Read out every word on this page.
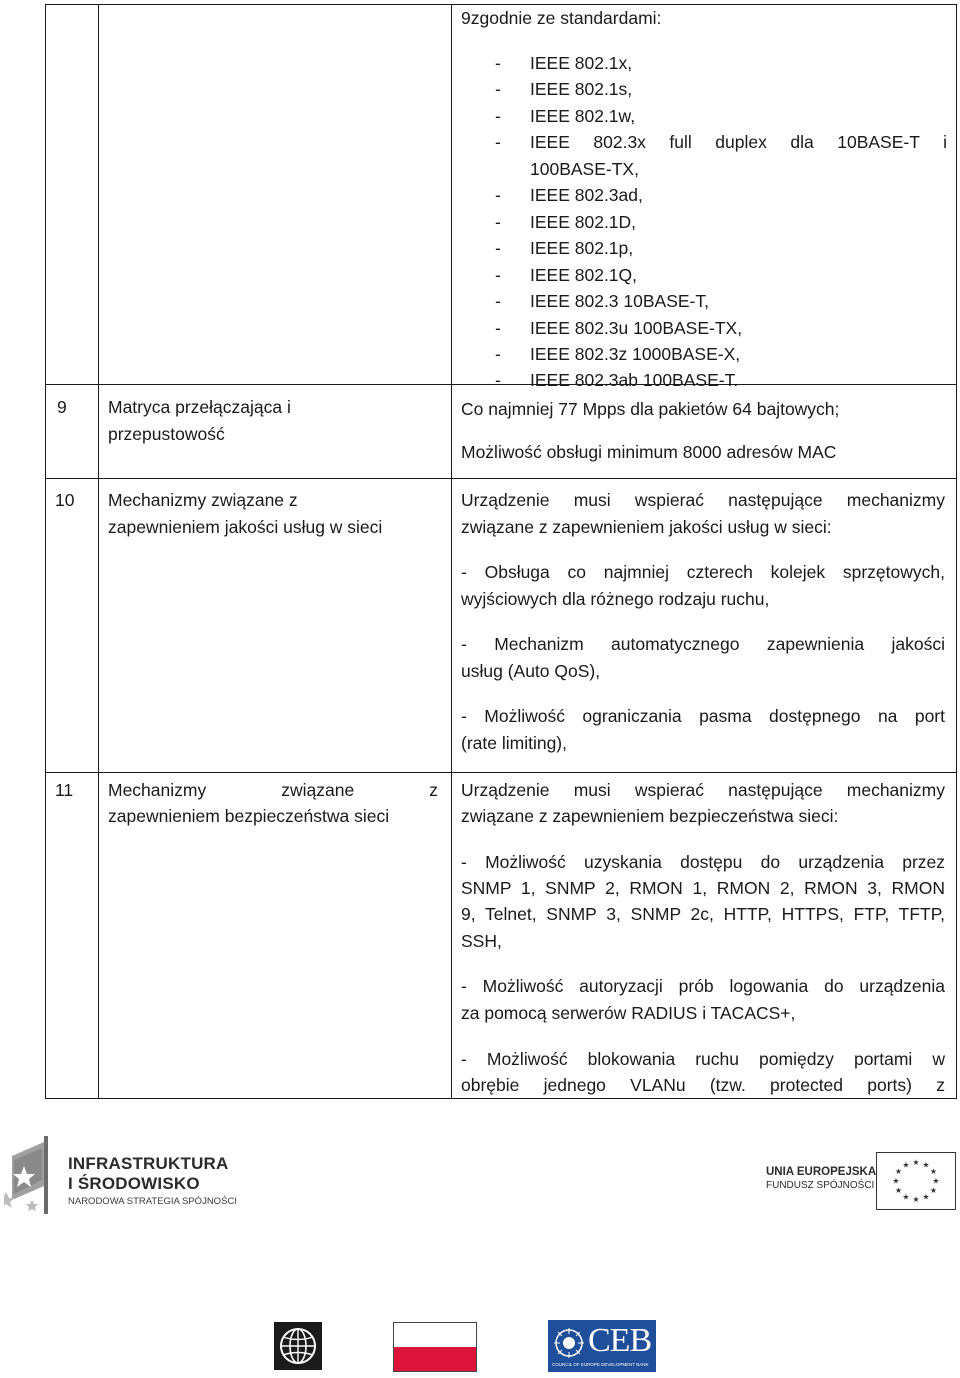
9zgodnie ze standardami:
- IEEE 802.1x,
- IEEE 802.1s,
- IEEE 802.1w,
- IEEE  802.3x  full  duplex  dla  10BASE-T  i
100BASE-TX,
- IEEE 802.3ad,
- IEEE 802.1D,
- IEEE 802.1p,
- IEEE 802.1Q,
- IEEE 802.3 10BASE-T,
- IEEE 802.3u 100BASE-TX,
- IEEE 802.3z 1000BASE-X,
- IEEE 802.3ab 100BASE-T.
9 Matryca przełączająca i
przepustowość
Co najmniej 77 Mpps dla pakietów 64 bajtowych;
Możliwość obsługi minimum 8000 adresów MAC
10 Mechanizmy związane z
zapewnieniem jakości usług w sieci
Urządzenie musi wspierać następujące mechanizmy
związane z zapewnieniem jakości usług w sieci:
- Obsługa co najmniej czterech kolejek sprzętowych,
wyjściowych dla różnego rodzaju ruchu,
- Mechanizm automatycznego zapewnienia jakości
usług (Auto QoS),
- Możliwość ograniczania pasma dostępnego na port
(rate limiting),
11 Mechanizmy związane z
zapewnieniem bezpieczeństwa sieci
Urządzenie musi wspierać następujące mechanizmy
związane z zapewnieniem bezpieczeństwa sieci:
- Możliwość uzyskania dostępu do urządzenia przez
SNMP 1, SNMP 2, RMON 1, RMON 2, RMON 3, RMON
9, Telnet, SNMP 3, SNMP 2c, HTTP, HTTPS, FTP, TFTP,
SSH,
- Możliwość autoryzacji prób logowania do urządzenia
za pomocą serwerów RADIUS i TACACS+,
- Możliwość blokowania ruchu pomiędzy portami w
obrębie jednego VLANu (tzw. protected ports) z
INFRASTRUKTURA
I ŚRODOWISKO
NARODOWA STRATEGIA SPÓJNOŚCI
UNIA EUROPEJSKA
FUNDUSZ SPÓJNOŚCI
★ ★
★
★
★
★
★
★
★
★
★
★
CEB
COUNCIL OF EUROPE DEVELOPMENT BANK
